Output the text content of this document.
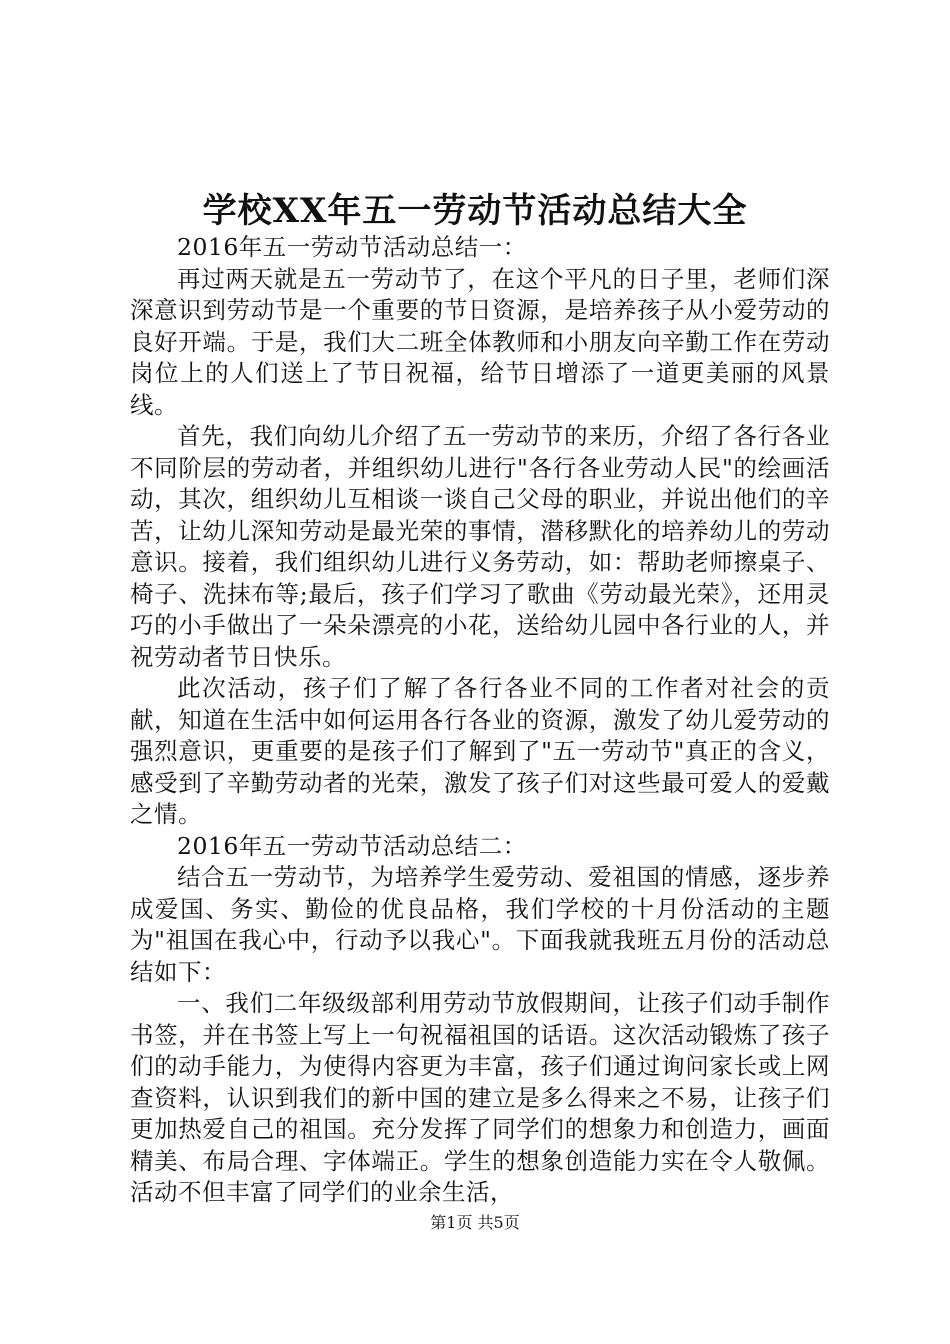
学校XX年五一劳动节活动总结大全

2016年五一劳动节活动总结一：

再过两天就是五一劳动节了，在这个平凡的日子里，老师们深深意识到劳动节是一个重要的节日资源，是培养孩子从小爱劳动的良好开端。于是，我们大二班全体教师和小朋友向辛勤工作在劳动岗位上的人们送上了节日祝福，给节日增添了一道更美丽的风景线。

首先，我们向幼儿介绍了五一劳动节的来历，介绍了各行各业不同阶层的劳动者，并组织幼儿进行"各行各业劳动人民"的绘画活动，其次，组织幼儿互相谈一谈自己父母的职业，并说出他们的辛苦，让幼儿深知劳动是最光荣的事情，潜移默化的培养幼儿的劳动意识。接着，我们组织幼儿进行义务劳动，如：帮助老师擦桌子、椅子、洗抹布等;最后，孩子们学习了歌曲《劳动最光荣》，还用灵巧的小手做出了一朵朵漂亮的小花，送给幼儿园中各行业的人，并祝劳动者节日快乐。

此次活动，孩子们了解了各行各业不同的工作者对社会的贡献，知道在生活中如何运用各行各业的资源，激发了幼儿爱劳动的强烈意识，更重要的是孩子们了解到了"五一劳动节"真正的含义，感受到了辛勤劳动者的光荣，激发了孩子们对这些最可爱人的爱戴之情。

2016年五一劳动节活动总结二：

结合五一劳动节，为培养学生爱劳动、爱祖国的情感，逐步养成爱国、务实、勤俭的优良品格，我们学校的十月份活动的主题为"祖国在我心中，行动予以我心"。下面我就我班五月份的活动总结如下：

一、我们二年级级部利用劳动节放假期间，让孩子们动手制作书签，并在书签上写上一句祝福祖国的话语。这次活动锻炼了孩子们的动手能力，为使得内容更为丰富，孩子们通过询问家长或上网查资料，认识到我们的新中国的建立是多么得来之不易，让孩子们更加热爱自己的祖国。充分发挥了同学们的想象力和创造力，画面精美、布局合理、字体端正。学生的想象创造能力实在令人敬佩。活动不但丰富了同学们的业余生活，

第1页 共5页
